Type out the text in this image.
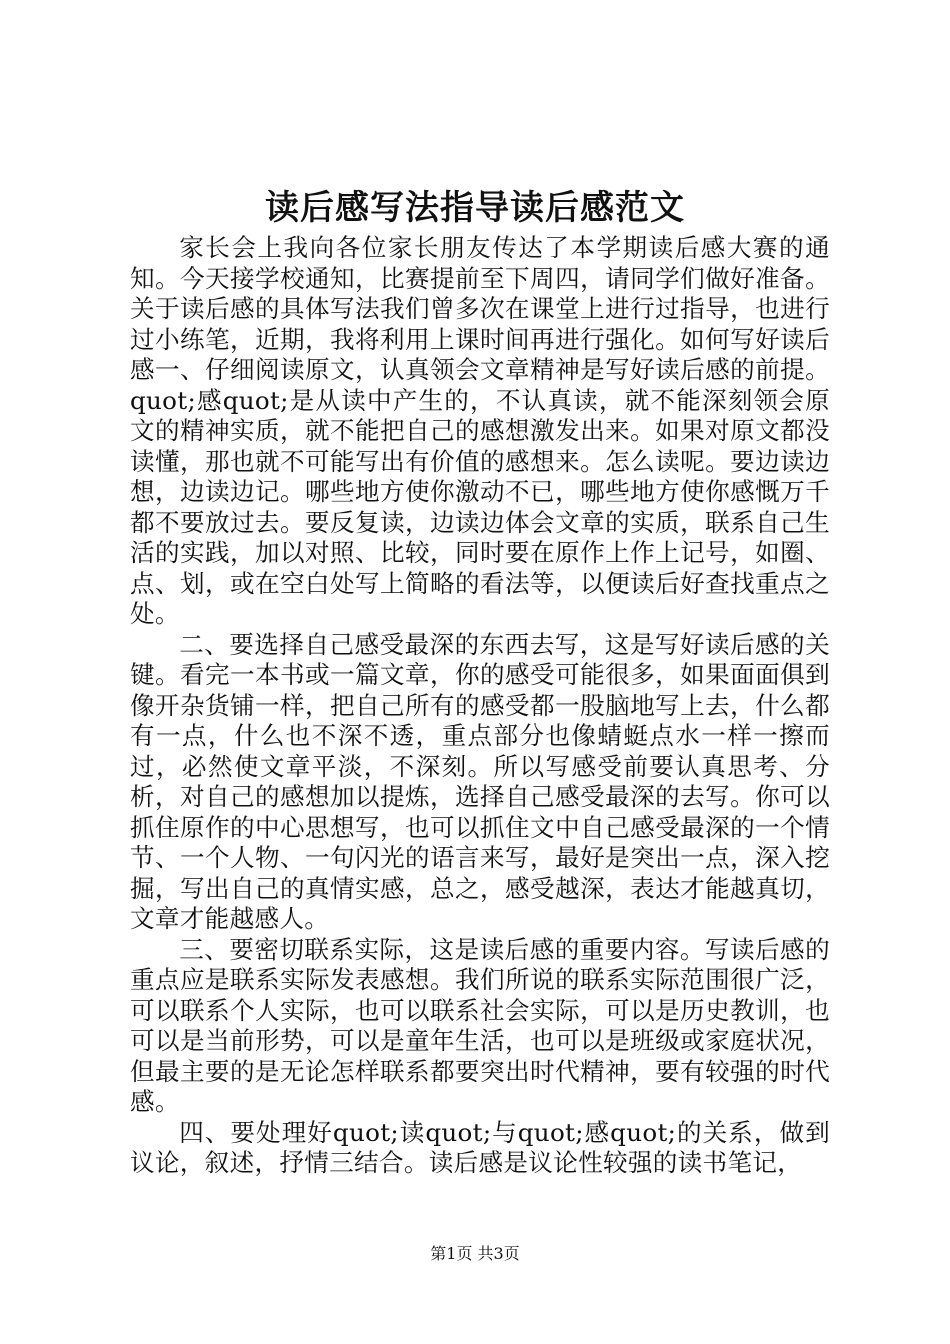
读后感写法指导读后感范文

家长会上我向各位家长朋友传达了本学期读后感大赛的通知。今天接学校通知，比赛提前至下周四，请同学们做好准备。关于读后感的具体写法我们曾多次在课堂上进行过指导，也进行过小练笔，近期，我将利用上课时间再进行强化。如何写好读后感一、仔细阅读原文，认真领会文章精神是写好读后感的前提。quot;感quot;是从读中产生的，不认真读，就不能深刻领会原文的精神实质，就不能把自己的感想激发出来。如果对原文都没读懂，那也就不可能写出有价值的感想来。怎么读呢。要边读边想，边读边记。哪些地方使你激动不已，哪些地方使你感慨万千都不要放过去。要反复读，边读边体会文章的实质，联系自己生活的实践，加以对照、比较，同时要在原作上作上记号，如圈、点、划，或在空白处写上简略的看法等，以便读后好查找重点之处。

二、要选择自己感受最深的东西去写，这是写好读后感的关键。看完一本书或一篇文章，你的感受可能很多，如果面面俱到像开杂货铺一样，把自己所有的感受都一股脑地写上去，什么都有一点，什么也不深不透，重点部分也像蜻蜓点水一样一擦而过，必然使文章平淡，不深刻。所以写感受前要认真思考、分析，对自己的感想加以提炼，选择自己感受最深的去写。你可以抓住原作的中心思想写，也可以抓住文中自己感受最深的一个情节、一个人物、一句闪光的语言来写，最好是突出一点，深入挖掘，写出自己的真情实感，总之，感受越深，表达才能越真切，文章才能越感人。

三、要密切联系实际，这是读后感的重要内容。写读后感的重点应是联系实际发表感想。我们所说的联系实际范围很广泛，可以联系个人实际，也可以联系社会实际，可以是历史教训，也可以是当前形势，可以是童年生活，也可以是班级或家庭状况，但最主要的是无论怎样联系都要突出时代精神，要有较强的时代感。

四、要处理好quot;读quot;与quot;感quot;的关系，做到议论，叙述，抒情三结合。读后感是议论性较强的读书笔记，

第1页 共3页
